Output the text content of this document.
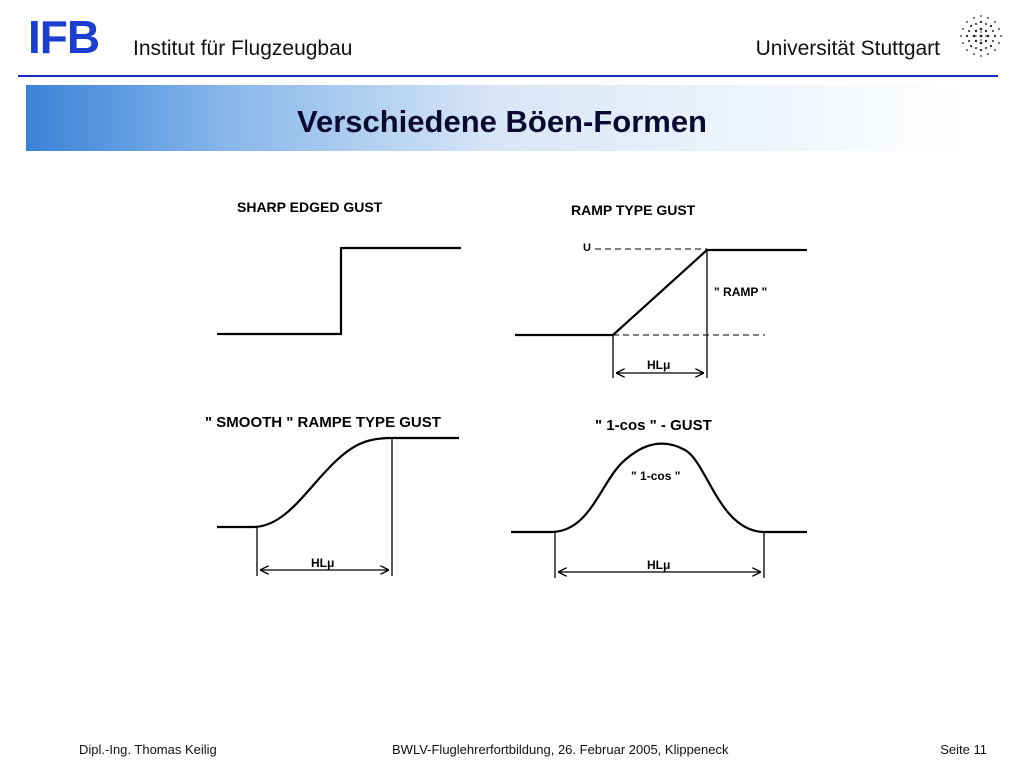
IFB Institut für Flugzeugbau	Universität Stuttgart
Verschiedene Böen-Formen
SHARP EDGED GUST	RAMP TYPE GUST
U
" RAMP "
HLμ
" SMOOTH " RAMPE TYPE GUST
HLμ
" 1-cos " - GUST
" 1-cos "
HLμ
Dipl.-Ing. Thomas Keilig	BWLV-Fluglehrerfortbildung, 26. Februar 2005, Klippeneck	Seite 11
